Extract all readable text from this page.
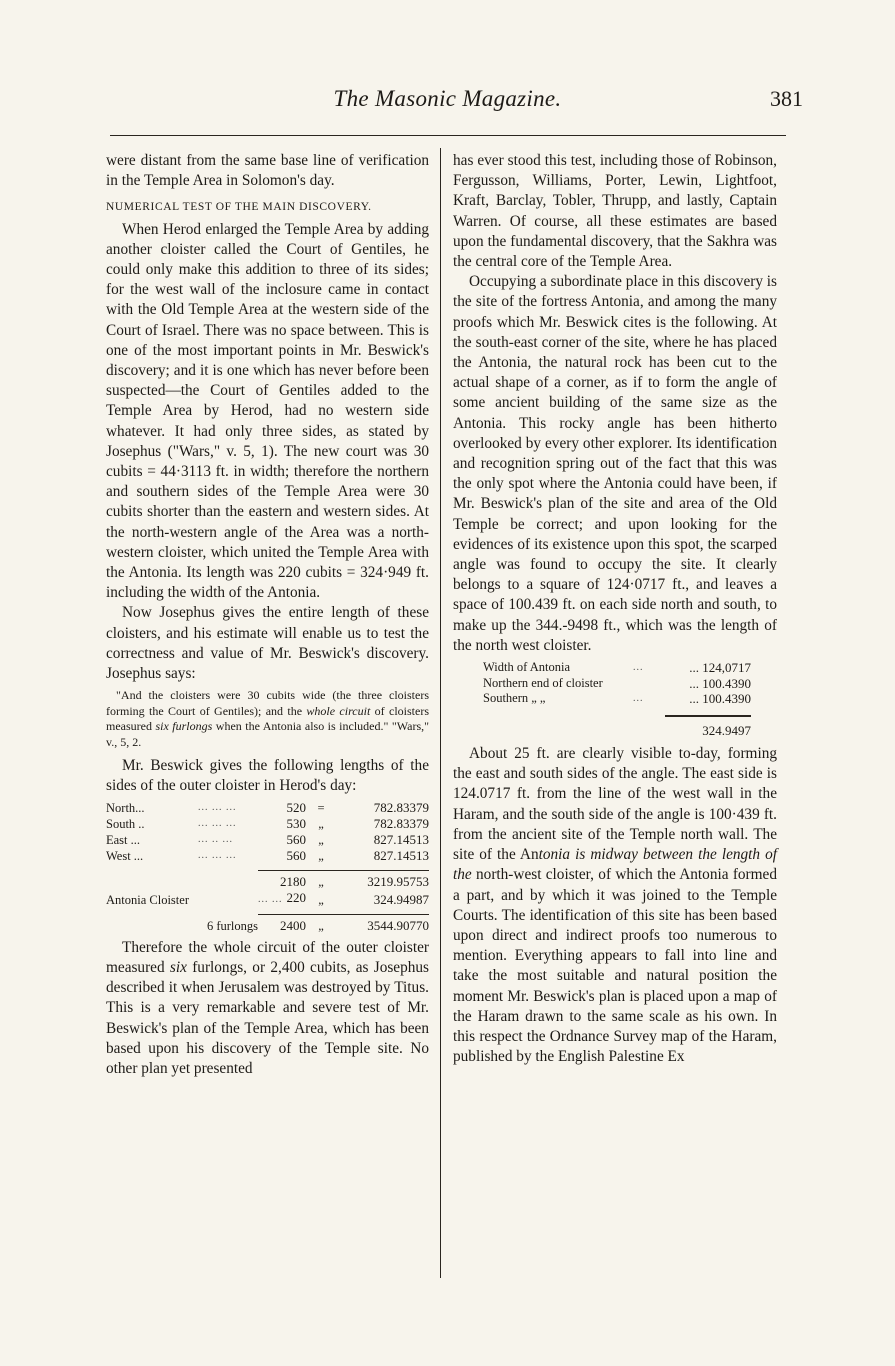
The Masonic Magazine.	381

were distant from the same base line of verification in the Temple Area in Solomon's day.

NUMERICAL TEST OF THE MAIN DISCOVERY.

When Herod enlarged the Temple Area by adding another cloister called the Court of Gentiles, he could only make this addition to three of its sides; for the west wall of the inclosure came in contact with the Old Temple Area at the western side of the Court of Israel. There was no space between. This is one of the most important points in Mr. Beswick's discovery; and it is one which has never before been suspected—the Court of Gentiles added to the Temple Area by Herod, had no western side whatever. It had only three sides, as stated by Josephus ("Wars," v. 5, 1). The new court was 30 cubits = 44·3113 ft. in width; therefore the northern and southern sides of the Temple Area were 30 cubits shorter than the eastern and western sides. At the north-western angle of the Area was a north-western cloister, which united the Temple Area with the Antonia. Its length was 220 cubits = 324·949 ft. including the width of the Antonia.

Now Josephus gives the entire length of these cloisters, and his estimate will enable us to test the correctness and value of Mr. Beswick's discovery. Josephus says:

"And the cloisters were 30 cubits wide (the three cloisters forming the Court of Gentiles); and the whole circuit of cloisters measured six furlongs when the Antonia also is included." "Wars," v., 5, 2.

Mr. Beswick gives the following lengths of the sides of the outer cloister in Herod's day:

North...	... ... ...	520	=	782.83379
South ..	... ... ...	530	„	782.83379
East ...	... .. ...	560	„	827.14513
West ...	... ... ...	560	„	827.14513

		2180	„	3219.95753
Antonia Cloister		... ... 220	„	324.94987

	6 furlongs	2400	„	3544.90770

Therefore the whole circuit of the outer cloister measured six furlongs, or 2,400 cubits, as Josephus described it when Jerusalem was destroyed by Titus. This is a very remarkable and severe test of Mr. Beswick's plan of the Temple Area, which has been based upon his discovery of the Temple site. No other plan yet presented

has ever stood this test, including those of Robinson, Fergusson, Williams, Porter, Lewin, Lightfoot, Kraft, Barclay, Tobler, Thrupp, and lastly, Captain Warren. Of course, all these estimates are based upon the fundamental discovery, that the Sakhra was the central core of the Temple Area.

Occupying a subordinate place in this discovery is the site of the fortress Antonia, and among the many proofs which Mr. Beswick cites is the following. At the south-east corner of the site, where he has placed the Antonia, the natural rock has been cut to the actual shape of a corner, as if to form the angle of some ancient building of the same size as the Antonia. This rocky angle has been hitherto overlooked by every other explorer. Its identification and recognition spring out of the fact that this was the only spot where the Antonia could have been, if Mr. Beswick's plan of the site and area of the Old Temple be correct; and upon looking for the evidences of its existence upon this spot, the scarped angle was found to occupy the site. It clearly belongs to a square of 124·0717 ft., and leaves a space of 100.439 ft. on each side north and south, to make up the 344.-9498 ft., which was the length of the north west cloister.

Width of Antonia	...	... 124,0717
Northern end of cloister		... 100.4390
Southern „ „	...	... 100.4390

		324.9497

About 25 ft. are clearly visible to-day, forming the east and south sides of the angle. The east side is 124.0717 ft. from the line of the west wall in the Haram, and the south side of the angle is 100·439 ft. from the ancient site of the Temple north wall. The site of the Antonia is midway between the length of the north-west cloister, of which the Antonia formed a part, and by which it was joined to the Temple Courts. The identification of this site has been based upon direct and indirect proofs too numerous to mention. Everything appears to fall into line and take the most suitable and natural position the moment Mr. Beswick's plan is placed upon a map of the Haram drawn to the same scale as his own. In this respect the Ordnance Survey map of the Haram, published by the English Palestine Ex
